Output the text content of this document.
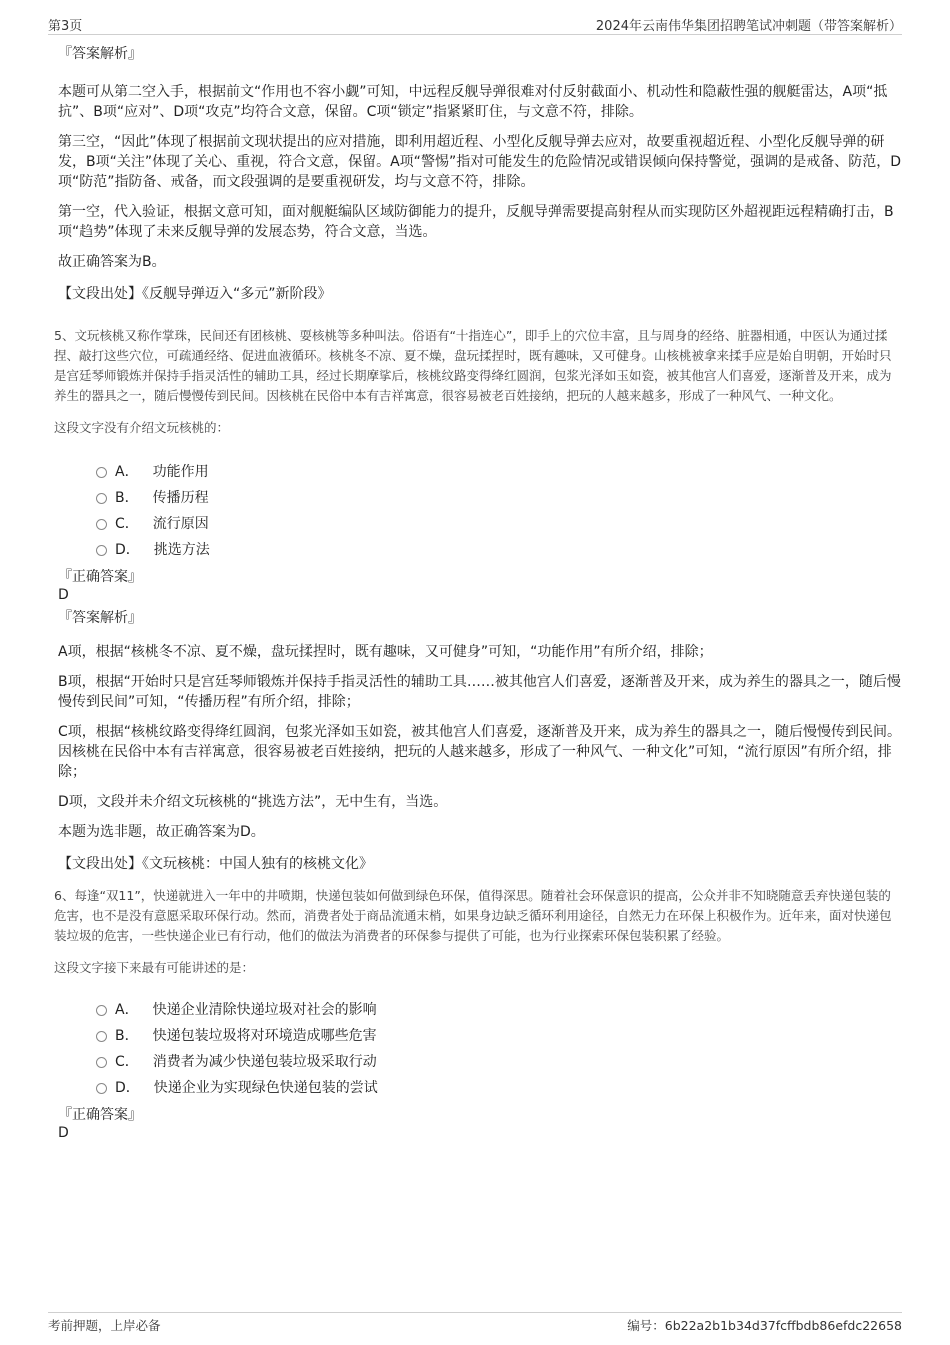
第3页	2024年云南伟华集团招聘笔试冲刺题（带答案解析）

『答案解析』

本题可从第二空入手，根据前文“作用也不容小觑”可知，中远程反舰导弹很难对付反射截面小、机动性和隐蔽性强的舰艇雷达，A项“抵抗”、B项“应对”、D项“攻克”均符合文意，保留。C项“锁定”指紧紧盯住，与文意不符，排除。

第三空，“因此”体现了根据前文现状提出的应对措施，即利用超近程、小型化反舰导弹去应对，故要重视超近程、小型化反舰导弹的研发，B项“关注”体现了关心、重视，符合文意，保留。A项“警惕”指对可能发生的危险情况或错误倾向保持警觉，强调的是戒备、防范，D项“防范”指防备、戒备，而文段强调的是要重视研发，均与文意不符，排除。

第一空，代入验证，根据文意可知，面对舰艇编队区域防御能力的提升，反舰导弹需要提高射程从而实现防区外超视距远程精确打击，B项“趋势”体现了未来反舰导弹的发展态势，符合文意，当选。

故正确答案为B。

【文段出处】《反舰导弹迈入“多元”新阶段》

5、文玩核桃又称作掌珠，民间还有团核桃、耍核桃等多种叫法。俗语有“十指连心”，即手上的穴位丰富，且与周身的经络、脏器相通，中医认为通过揉捏、敲打这些穴位，可疏通经络、促进血液循环。核桃冬不凉、夏不燥，盘玩揉捏时，既有趣味，又可健身。山核桃被拿来揉手应是始自明朝，开始时只是宫廷琴师锻炼并保持手指灵活性的辅助工具，经过长期摩挲后，核桃纹路变得绛红圆润，包浆光泽如玉如瓷，被其他宫人们喜爱，逐渐普及开来，成为养生的器具之一，随后慢慢传到民间。因核桃在民俗中本有吉祥寓意，很容易被老百姓接纳，把玩的人越来越多，形成了一种风气、一种文化。

这段文字没有介绍文玩核桃的：

A． 功能作用
B． 传播历程
C． 流行原因
D． 挑选方法

『正确答案』

D

『答案解析』

A项，根据“核桃冬不凉、夏不燥，盘玩揉捏时，既有趣味，又可健身”可知，“功能作用”有所介绍，排除；

B项，根据“开始时只是宫廷琴师锻炼并保持手指灵活性的辅助工具……被其他宫人们喜爱，逐渐普及开来，成为养生的器具之一，随后慢慢传到民间”可知，“传播历程”有所介绍，排除；

C项，根据“核桃纹路变得绛红圆润，包浆光泽如玉如瓷，被其他宫人们喜爱，逐渐普及开来，成为养生的器具之一，随后慢慢传到民间。因核桃在民俗中本有吉祥寓意，很容易被老百姓接纳，把玩的人越来越多，形成了一种风气、一种文化”可知，“流行原因”有所介绍，排除；

D项，文段并未介绍文玩核桃的“挑选方法”，无中生有，当选。

本题为选非题，故正确答案为D。

【文段出处】《文玩核桃：中国人独有的核桃文化》

6、每逢“双11”，快递就进入一年中的井喷期，快递包装如何做到绿色环保，值得深思。随着社会环保意识的提高，公众并非不知晓随意丢弃快递包装的危害，也不是没有意愿采取环保行动。然而，消费者处于商品流通末梢，如果身边缺乏循环利用途径，自然无力在环保上积极作为。近年来，面对快递包装垃圾的危害，一些快递企业已有行动，他们的做法为消费者的环保参与提供了可能，也为行业探索环保包装积累了经验。

这段文字接下来最有可能讲述的是：

A． 快递企业清除快递垃圾对社会的影响
B． 快递包装垃圾将对环境造成哪些危害
C． 消费者为减少快递包装垃圾采取行动
D． 快递企业为实现绿色快递包装的尝试

『正确答案』

D

考前押题，上岸必备	编号：6b22a2b1b34d37fcffbdb86efdc22658
